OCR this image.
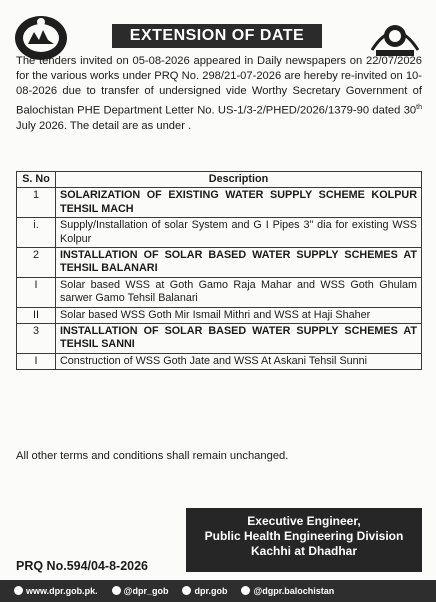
EXTENSION OF DATE
The tenders invited on 05-08-2026 appeared in Daily newspapers on 22/07/2026 for the various works under PRQ No. 298/21-07-2026 are hereby re-invited on 10-08-2026 due to transfer of undersigned vide Worthy Secretary Government of Balochistan PHE Department Letter No. US-1/3-2/PHED/2026/1379-90 dated 30th July 2026. The detail are as under .
S. No	Description
1	SOLARIZATION OF EXISTING WATER SUPPLY SCHEME KOLPUR TEHSIL MACH
i.	Supply/Installation of solar System and G I Pipes 3" dia for existing WSS Kolpur
2	INSTALLATION OF SOLAR BASED WATER SUPPLY SCHEMES AT TEHSIL BALANARI
I	Solar based WSS at Goth Gamo Raja Mahar and WSS Goth Ghulam sarwer Gamo Tehsil Balanari
II	Solar based WSS Goth Mir Ismail Mithri and WSS at Haji Shaher
3	INSTALLATION OF SOLAR BASED WATER SUPPLY SCHEMES AT TEHSIL SANNI
I	Construction of WSS Goth Jate and WSS At Askani Tehsil Sunni
All other terms and conditions shall remain unchanged.
Executive Engineer,
Public Health Engineering Division
Kachhi at Dhadhar
PRQ No.594/04-8-2026
www.dpr.gob.pk.	@dpr_gob	dpr.gob	@dgpr.balochistan
